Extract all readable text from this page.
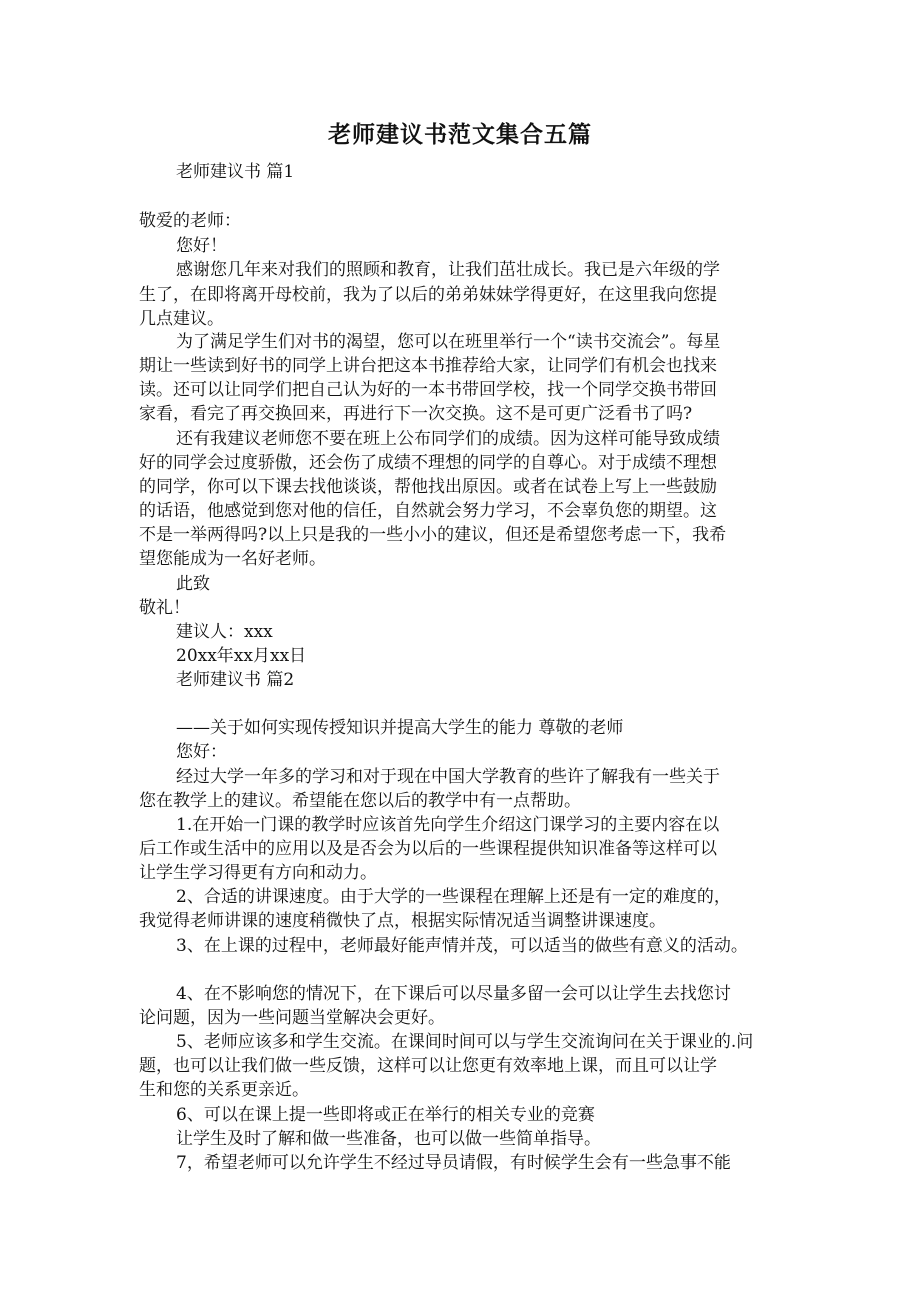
老师建议书范文集合五篇
老师建议书 篇1
敬爱的老师：
您好！
感谢您几年来对我们的照顾和教育，让我们茁壮成长。我已是六年级的学
生了，在即将离开母校前，我为了以后的弟弟妹妹学得更好，在这里我向您提
几点建议。
为了满足学生们对书的渴望，您可以在班里举行一个“读书交流会”。每星
期让一些读到好书的同学上讲台把这本书推荐给大家，让同学们有机会也找来
读。还可以让同学们把自己认为好的一本书带回学校，找一个同学交换书带回
家看，看完了再交换回来，再进行下一次交换。这不是可更广泛看书了吗?
还有我建议老师您不要在班上公布同学们的成绩。因为这样可能导致成绩
好的同学会过度骄傲，还会伤了成绩不理想的同学的自尊心。对于成绩不理想
的同学，你可以下课去找他谈谈，帮他找出原因。或者在试卷上写上一些鼓励
的话语，他感觉到您对他的信任，自然就会努力学习，不会辜负您的期望。这
不是一举两得吗?以上只是我的一些小小的建议，但还是希望您考虑一下，我希
望您能成为一名好老师。
此致
敬礼！
建议人：xxx
20xx年xx月xx日
老师建议书 篇2
——关于如何实现传授知识并提高大学生的能力 尊敬的老师
您好：
经过大学一年多的学习和对于现在中国大学教育的些许了解我有一些关于
您在教学上的建议。希望能在您以后的教学中有一点帮助。
1.在开始一门课的教学时应该首先向学生介绍这门课学习的主要内容在以
后工作或生活中的应用以及是否会为以后的一些课程提供知识准备等这样可以
让学生学习得更有方向和动力。
2、合适的讲课速度。由于大学的一些课程在理解上还是有一定的难度的，
我觉得老师讲课的速度稍微快了点，根据实际情况适当调整讲课速度。
3、在上课的过程中，老师最好能声情并茂，可以适当的做些有意义的活动。
4、在不影响您的情况下，在下课后可以尽量多留一会可以让学生去找您讨
论问题，因为一些问题当堂解决会更好。
5、老师应该多和学生交流。在课间时间可以与学生交流询问在关于课业的.问
题，也可以让我们做一些反馈，这样可以让您更有效率地上课，而且可以让学
生和您的关系更亲近。
6、可以在课上提一些即将或正在举行的相关专业的竞赛
让学生及时了解和做一些准备，也可以做一些简单指导。
7，希望老师可以允许学生不经过导员请假，有时候学生会有一些急事不能
